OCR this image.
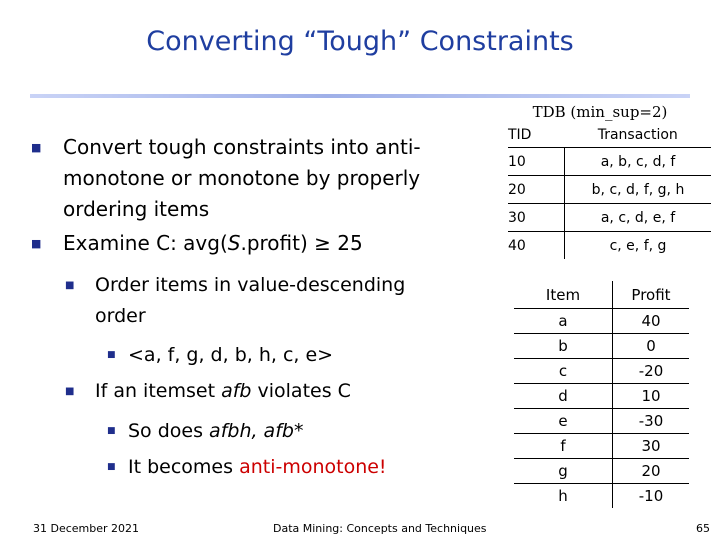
Converting “Tough” Constraints
■ Convert tough constraints into anti-monotone or monotone by properly ordering items
■ Examine C: avg(S.profit) ≥ 25
■ Order items in value-descending order
■ <a, f, g, d, b, h, c, e>
■ If an itemset afb violates C
■ So does afbh, afb*
■ It becomes anti-monotone!
TDB (min_sup=2)
TID	Transaction
10	a, b, c, d, f
20	b, c, d, f, g, h
30	a, c, d, e, f
40	c, e, f, g
Item	Profit
a	40
b	0
c	-20
d	10
e	-30
f	30
g	20
h	-10
31 December 2021	Data Mining: Concepts and Techniques	65
